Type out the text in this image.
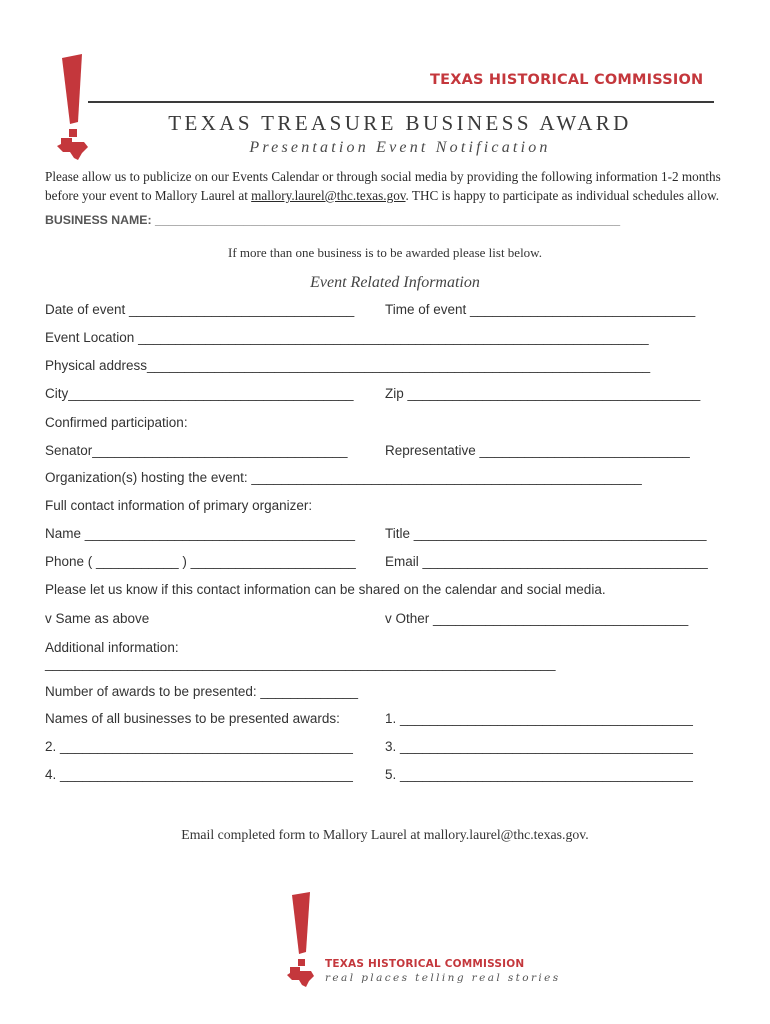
TEXAS HISTORICAL COMMISSION
TEXAS TREASURE BUSINESS AWARD
Presentation Event Notification
Please allow us to publicize on our Events Calendar or through social media by providing the following information 1-2 months before your event to Mallory Laurel at mallory.laurel@thc.texas.gov. THC is happy to participate as individual schedules allow.
BUSINESS NAME: ____________________________________________________________________
If more than one business is to be awarded please list below.
Event Related Information
Date of event ______________________________ Time of event ______________________________
Event Location ____________________________________________________________________
Physical address___________________________________________________________________
City______________________________________ Zip _______________________________________
Confirmed participation:
Senator__________________________________	Representative ____________________________
Organization(s) hosting the event: ____________________________________________________
Full contact information of primary organizer:
Name ____________________________________ Title _______________________________________
Phone ( ___________ ) ______________________ Email ______________________________________
Please let us know if this contact information can be shared on the calendar and social media.
v Same as above	v Other __________________________________
Additional information:
____________________________________________________________________
Number of awards to be presented: _____________
Names of all businesses to be presented awards:	1. _______________________________________
2. _______________________________________ 3. _______________________________________
4. _______________________________________ 5. _______________________________________
Email completed form to Mallory Laurel at mallory.laurel@thc.texas.gov.
TEXAS HISTORICAL COMMISSION
real places telling real stories
